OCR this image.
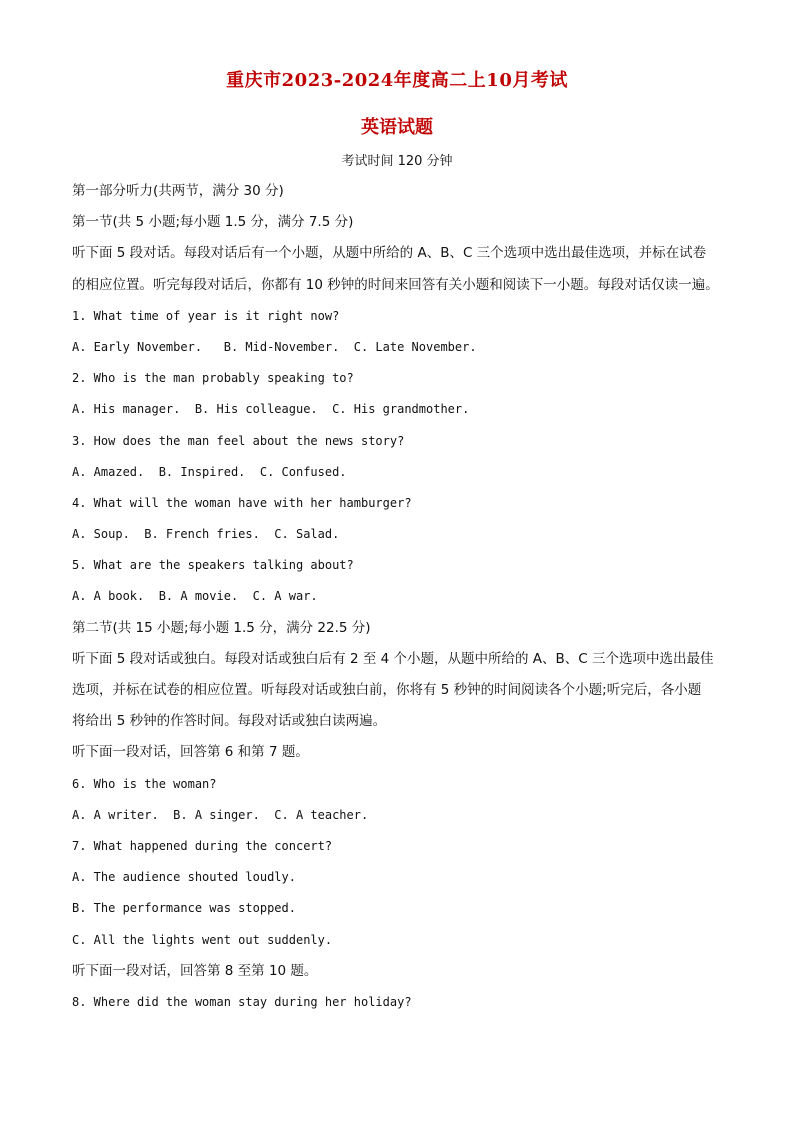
重庆市2023-2024年度高二上10月考试
英语试题
考试时间 120 分钟
第一部分听力(共两节，满分 30 分)
第一节(共 5 小题;每小题 1.5 分，满分 7.5 分)
听下面 5 段对话。每段对话后有一个小题，从题中所给的 A、B、C 三个选项中选出最佳选项，并标在试卷
的相应位置。听完每段对话后，你都有 10 秒钟的时间来回答有关小题和阅读下一小题。每段对话仅读一遍。
1. What time of year is it right now?
A. Early November.   B. Mid-November.  C. Late November.
2. Who is the man probably speaking to?
A. His manager.  B. His colleague.  C. His grandmother.
3. How does the man feel about the news story?
A. Amazed.  B. Inspired.  C. Confused.
4. What will the woman have with her hamburger?
A. Soup.  B. French fries.  C. Salad.
5. What are the speakers talking about?
A. A book.  B. A movie.  C. A war.
第二节(共 15 小题;每小题 1.5 分，满分 22.5 分)
听下面 5 段对话或独白。每段对话或独白后有 2 至 4 个小题，从题中所给的 A、B、C 三个选项中选出最佳
选项，并标在试卷的相应位置。听每段对话或独白前，你将有 5 秒钟的时间阅读各个小题;听完后，各小题
将给出 5 秒钟的作答时间。每段对话或独白读两遍。
听下面一段对话，回答第 6 和第 7 题。
6. Who is the woman?
A. A writer.  B. A singer.  C. A teacher.
7. What happened during the concert?
A. The audience shouted loudly.
B. The performance was stopped.
C. All the lights went out suddenly.
听下面一段对话，回答第 8 至第 10 题。
8. Where did the woman stay during her holiday?
